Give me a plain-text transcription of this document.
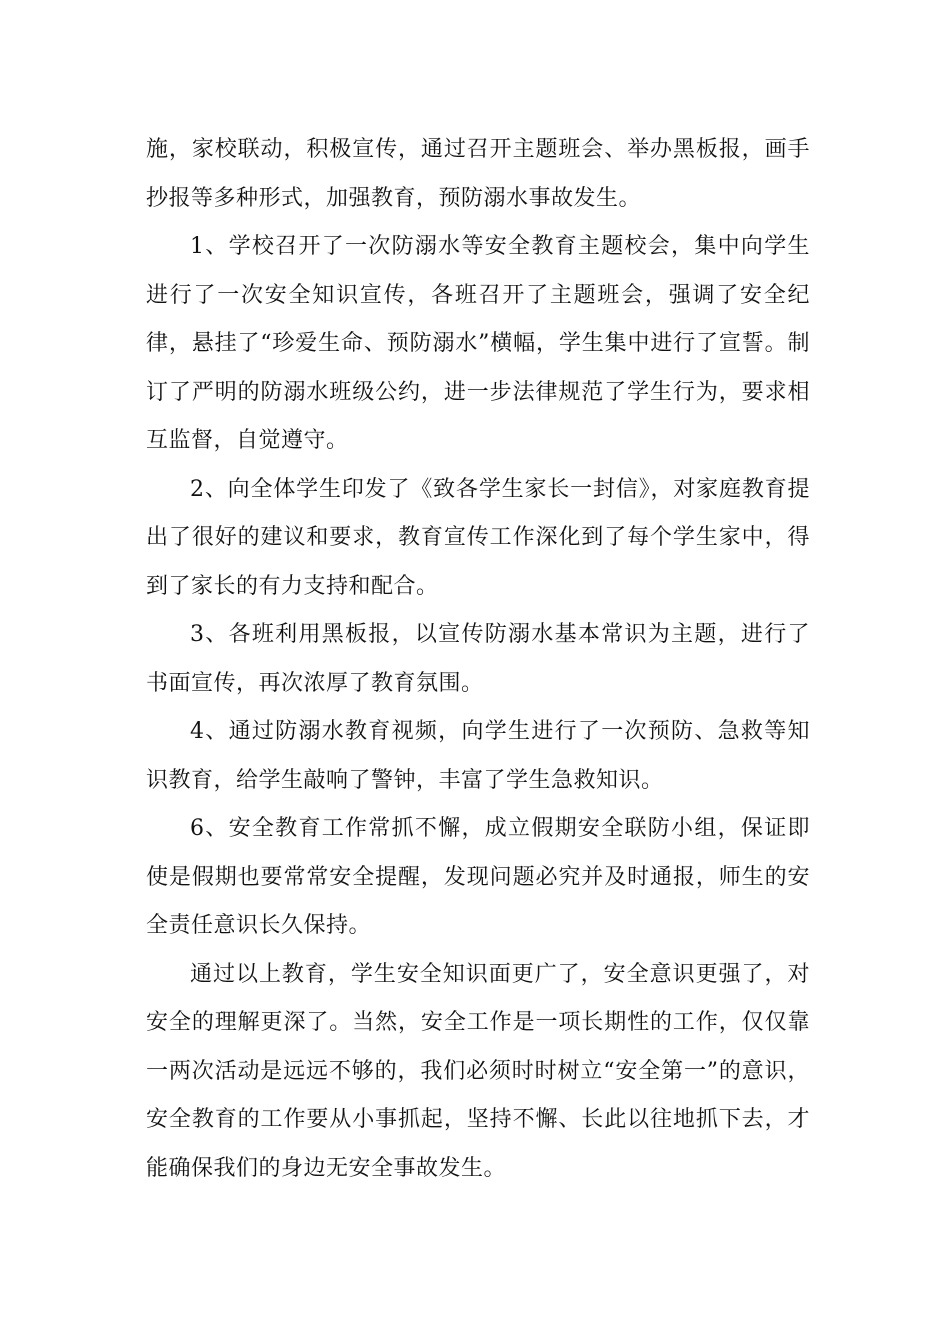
施，家校联动，积极宣传，通过召开主题班会、举办黑板报，画手抄报等多种形式，加强教育，预防溺水事故发生。

1、学校召开了一次防溺水等安全教育主题校会，集中向学生进行了一次安全知识宣传，各班召开了主题班会，强调了安全纪律，悬挂了“珍爱生命、预防溺水”横幅，学生集中进行了宣誓。制订了严明的防溺水班级公约，进一步法律规范了学生行为，要求相互监督，自觉遵守。

2、向全体学生印发了《致各学生家长一封信》，对家庭教育提出了很好的建议和要求，教育宣传工作深化到了每个学生家中，得到了家长的有力支持和配合。

3、各班利用黑板报，以宣传防溺水基本常识为主题，进行了书面宣传，再次浓厚了教育氛围。

4、通过防溺水教育视频，向学生进行了一次预防、急救等知识教育，给学生敲响了警钟，丰富了学生急救知识。

6、安全教育工作常抓不懈，成立假期安全联防小组，保证即使是假期也要常常安全提醒，发现问题必究并及时通报，师生的安全责任意识长久保持。

通过以上教育，学生安全知识面更广了，安全意识更强了，对安全的理解更深了。当然，安全工作是一项长期性的工作，仅仅靠一两次活动是远远不够的，我们必须时时树立“安全第一”的意识，安全教育的工作要从小事抓起，坚持不懈、长此以往地抓下去，才能确保我们的身边无安全事故发生。
